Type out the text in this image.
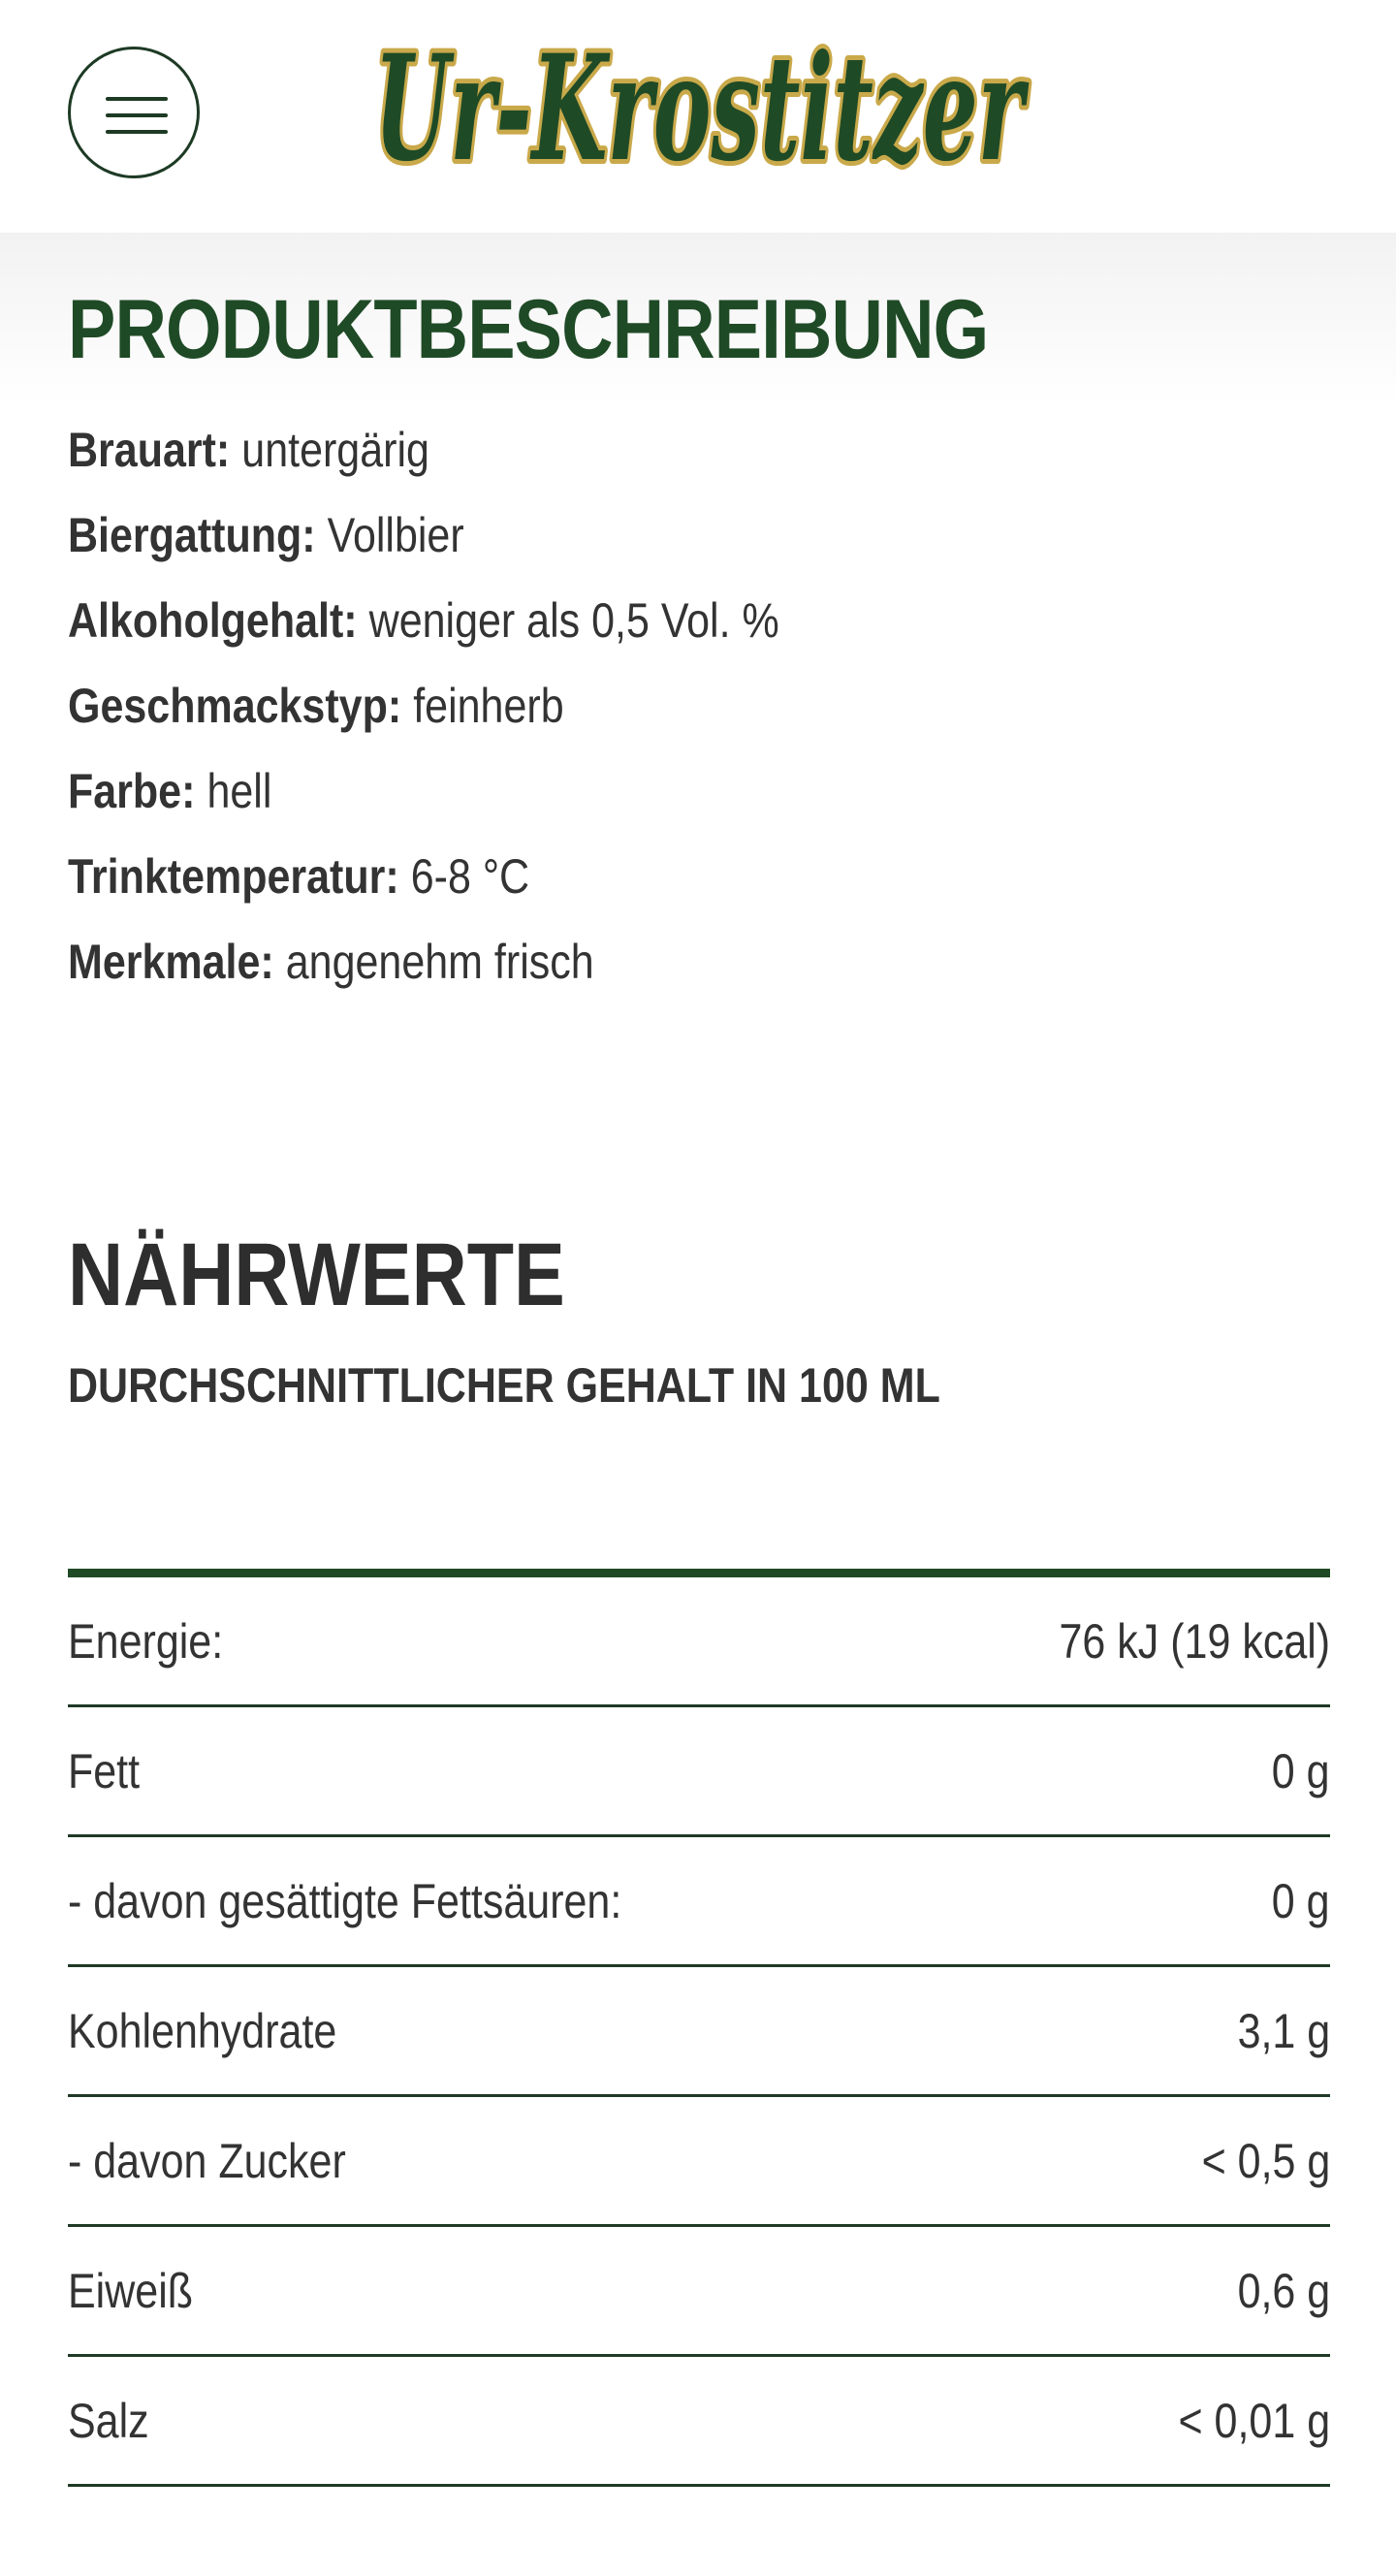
Ur-Krostitzer
Ur-Krostitzer
PRODUKTBESCHREIBUNG
Brauart: untergärig
Biergattung: Vollbier
Alkoholgehalt: weniger als 0,5 Vol. %
Geschmackstyp: feinherb
Farbe: hell
Trinktemperatur: 6-8 °C
Merkmale: angenehm frisch
NÄHRWERTE
DURCHSCHNITTLICHER GEHALT IN 100 ML
Energie:	76 kJ (19 kcal)
Fett	0 g
- davon gesättigte Fettsäuren:	0 g
Kohlenhydrate	3,1 g
- davon Zucker	< 0,5 g
Eiweiß	0,6 g
Salz	< 0,01 g
